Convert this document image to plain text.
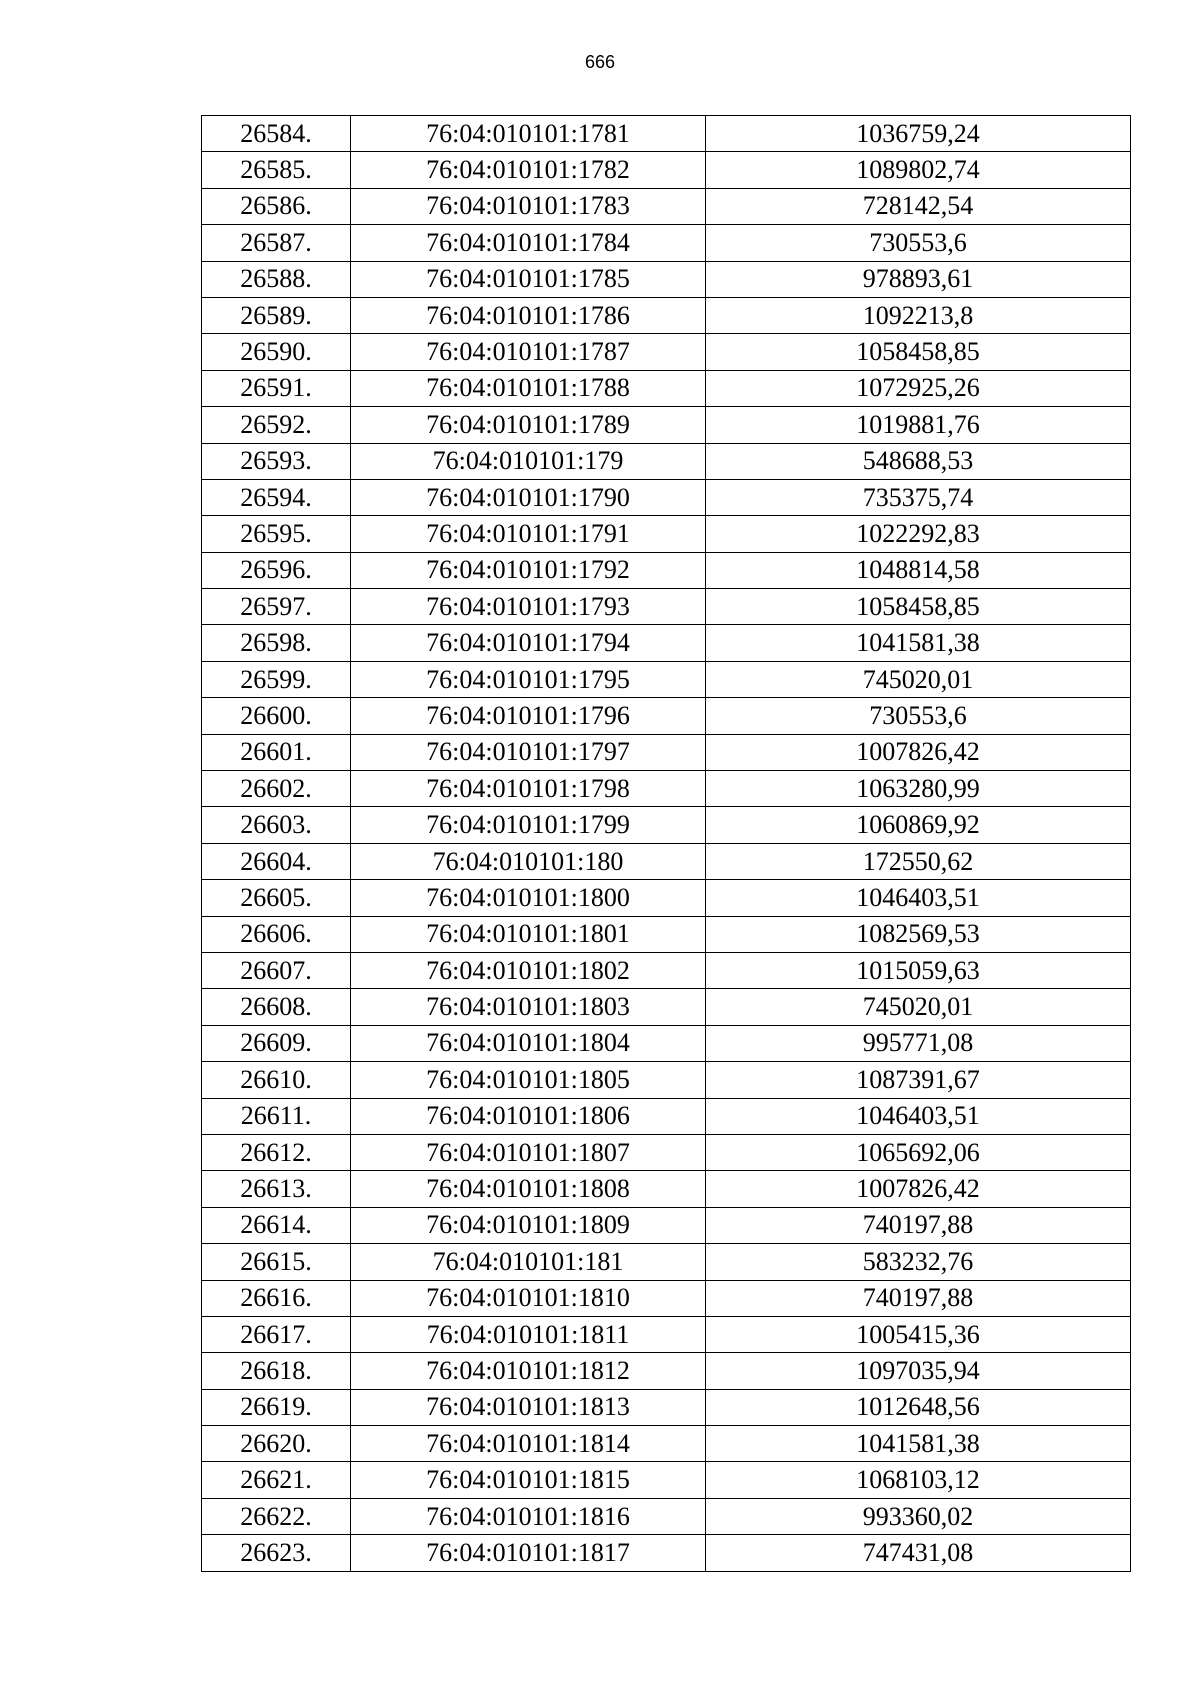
666
26584.	76:04:010101:1781	1036759,24
26585.	76:04:010101:1782	1089802,74
26586.	76:04:010101:1783	728142,54
26587.	76:04:010101:1784	730553,6
26588.	76:04:010101:1785	978893,61
26589.	76:04:010101:1786	1092213,8
26590.	76:04:010101:1787	1058458,85
26591.	76:04:010101:1788	1072925,26
26592.	76:04:010101:1789	1019881,76
26593.	76:04:010101:179	548688,53
26594.	76:04:010101:1790	735375,74
26595.	76:04:010101:1791	1022292,83
26596.	76:04:010101:1792	1048814,58
26597.	76:04:010101:1793	1058458,85
26598.	76:04:010101:1794	1041581,38
26599.	76:04:010101:1795	745020,01
26600.	76:04:010101:1796	730553,6
26601.	76:04:010101:1797	1007826,42
26602.	76:04:010101:1798	1063280,99
26603.	76:04:010101:1799	1060869,92
26604.	76:04:010101:180	172550,62
26605.	76:04:010101:1800	1046403,51
26606.	76:04:010101:1801	1082569,53
26607.	76:04:010101:1802	1015059,63
26608.	76:04:010101:1803	745020,01
26609.	76:04:010101:1804	995771,08
26610.	76:04:010101:1805	1087391,67
26611.	76:04:010101:1806	1046403,51
26612.	76:04:010101:1807	1065692,06
26613.	76:04:010101:1808	1007826,42
26614.	76:04:010101:1809	740197,88
26615.	76:04:010101:181	583232,76
26616.	76:04:010101:1810	740197,88
26617.	76:04:010101:1811	1005415,36
26618.	76:04:010101:1812	1097035,94
26619.	76:04:010101:1813	1012648,56
26620.	76:04:010101:1814	1041581,38
26621.	76:04:010101:1815	1068103,12
26622.	76:04:010101:1816	993360,02
26623.	76:04:010101:1817	747431,08
